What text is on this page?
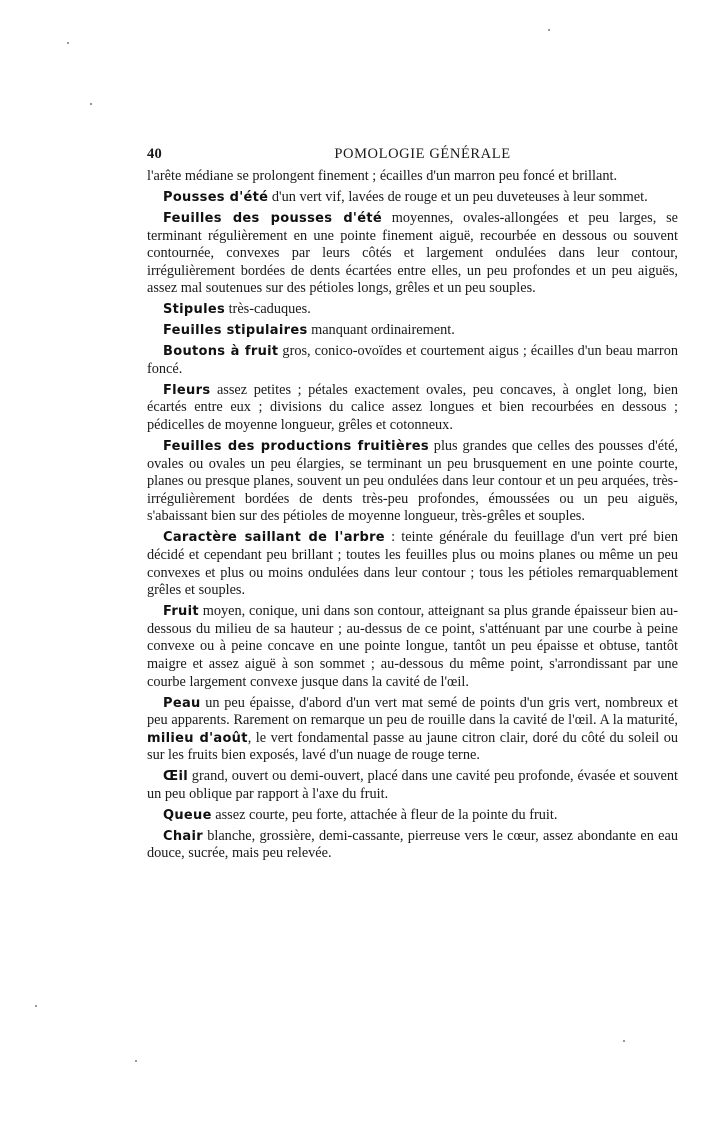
40	POMOLOGIE GÉNÉRALE

l'arête médiane se prolongent finement ; écailles d'un marron peu foncé et brillant.

Pousses d'été d'un vert vif, lavées de rouge et un peu duveteuses à leur sommet.

Feuilles des pousses d'été moyennes, ovales-allongées et peu larges, se terminant régulièrement en une pointe finement aiguë, recourbée en dessous ou souvent contournée, convexes par leurs côtés et largement ondulées dans leur contour, irrégulièrement bordées de dents écartées entre elles, un peu profondes et un peu aiguës, assez mal soutenues sur des pétioles longs, grêles et un peu souples.

Stipules très-caduques.

Feuilles stipulaires manquant ordinairement.

Boutons à fruit gros, conico-ovoïdes et courtement aigus ; écailles d'un beau marron foncé.

Fleurs assez petites ; pétales exactement ovales, peu concaves, à onglet long, bien écartés entre eux ; divisions du calice assez longues et bien recourbées en dessous ; pédicelles de moyenne longueur, grêles et cotonneux.

Feuilles des productions fruitières plus grandes que celles des pousses d'été, ovales ou ovales un peu élargies, se terminant un peu brusquement en une pointe courte, planes ou presque planes, souvent un peu ondulées dans leur contour et un peu arquées, très-irrégulièrement bordées de dents très-peu profondes, émoussées ou un peu aiguës, s'abaissant bien sur des pétioles de moyenne longueur, très-grêles et souples.

Caractère saillant de l'arbre : teinte générale du feuillage d'un vert pré bien décidé et cependant peu brillant ; toutes les feuilles plus ou moins planes ou même un peu convexes et plus ou moins ondulées dans leur contour ; tous les pétioles remarquablement grêles et souples.

Fruit moyen, conique, uni dans son contour, atteignant sa plus grande épaisseur bien au-dessous du milieu de sa hauteur ; au-dessus de ce point, s'atténuant par une courbe à peine convexe ou à peine concave en une pointe longue, tantôt un peu épaisse et obtuse, tantôt maigre et assez aiguë à son sommet ; au-dessous du même point, s'arrondissant par une courbe largement convexe jusque dans la cavité de l'œil.

Peau un peu épaisse, d'abord d'un vert mat semé de points d'un gris vert, nombreux et peu apparents. Rarement on remarque un peu de rouille dans la cavité de l'œil. A la maturité, milieu d'août, le vert fondamental passe au jaune citron clair, doré du côté du soleil ou sur les fruits bien exposés, lavé d'un nuage de rouge terne.

Œil grand, ouvert ou demi-ouvert, placé dans une cavité peu profonde, évasée et souvent un peu oblique par rapport à l'axe du fruit.

Queue assez courte, peu forte, attachée à fleur de la pointe du fruit.

Chair blanche, grossière, demi-cassante, pierreuse vers le cœur, assez abondante en eau douce, sucrée, mais peu relevée.
